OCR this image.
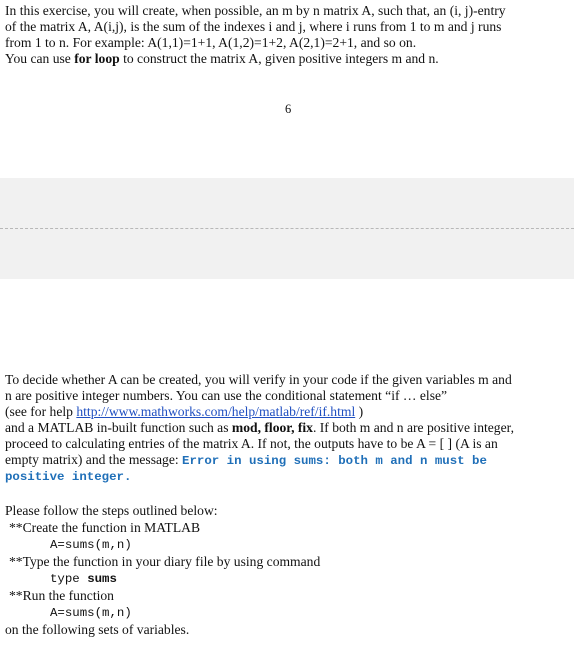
In this exercise, you will create, when possible, an m by n matrix A, such that, an (i, j)-entry
of the matrix A, A(i,j), is the sum of the indexes i and j, where i runs from 1 to m and j runs
from 1 to n. For example: A(1,1)=1+1, A(1,2)=1+2, A(2,1)=2+1, and so on.
You can use for loop to construct the matrix A, given positive integers m and n.
6
To decide whether A can be created, you will verify in your code if the given variables m and
n are positive integer numbers. You can use the conditional statement “if … else”
(see for help http://www.mathworks.com/help/matlab/ref/if.html )
and a MATLAB in-built function such as mod, floor, fix. If both m and n are positive integer,
proceed to calculating entries of the matrix A. If not, the outputs have to be A = [ ] (A is an
empty matrix) and the message: Error in using sums: both m and n must be
positive integer.
Please follow the steps outlined below:
**Create the function in MATLAB
A=sums(m,n)
**Type the function in your diary file by using command
type sums
**Run the function
A=sums(m,n)
on the following sets of variables.
